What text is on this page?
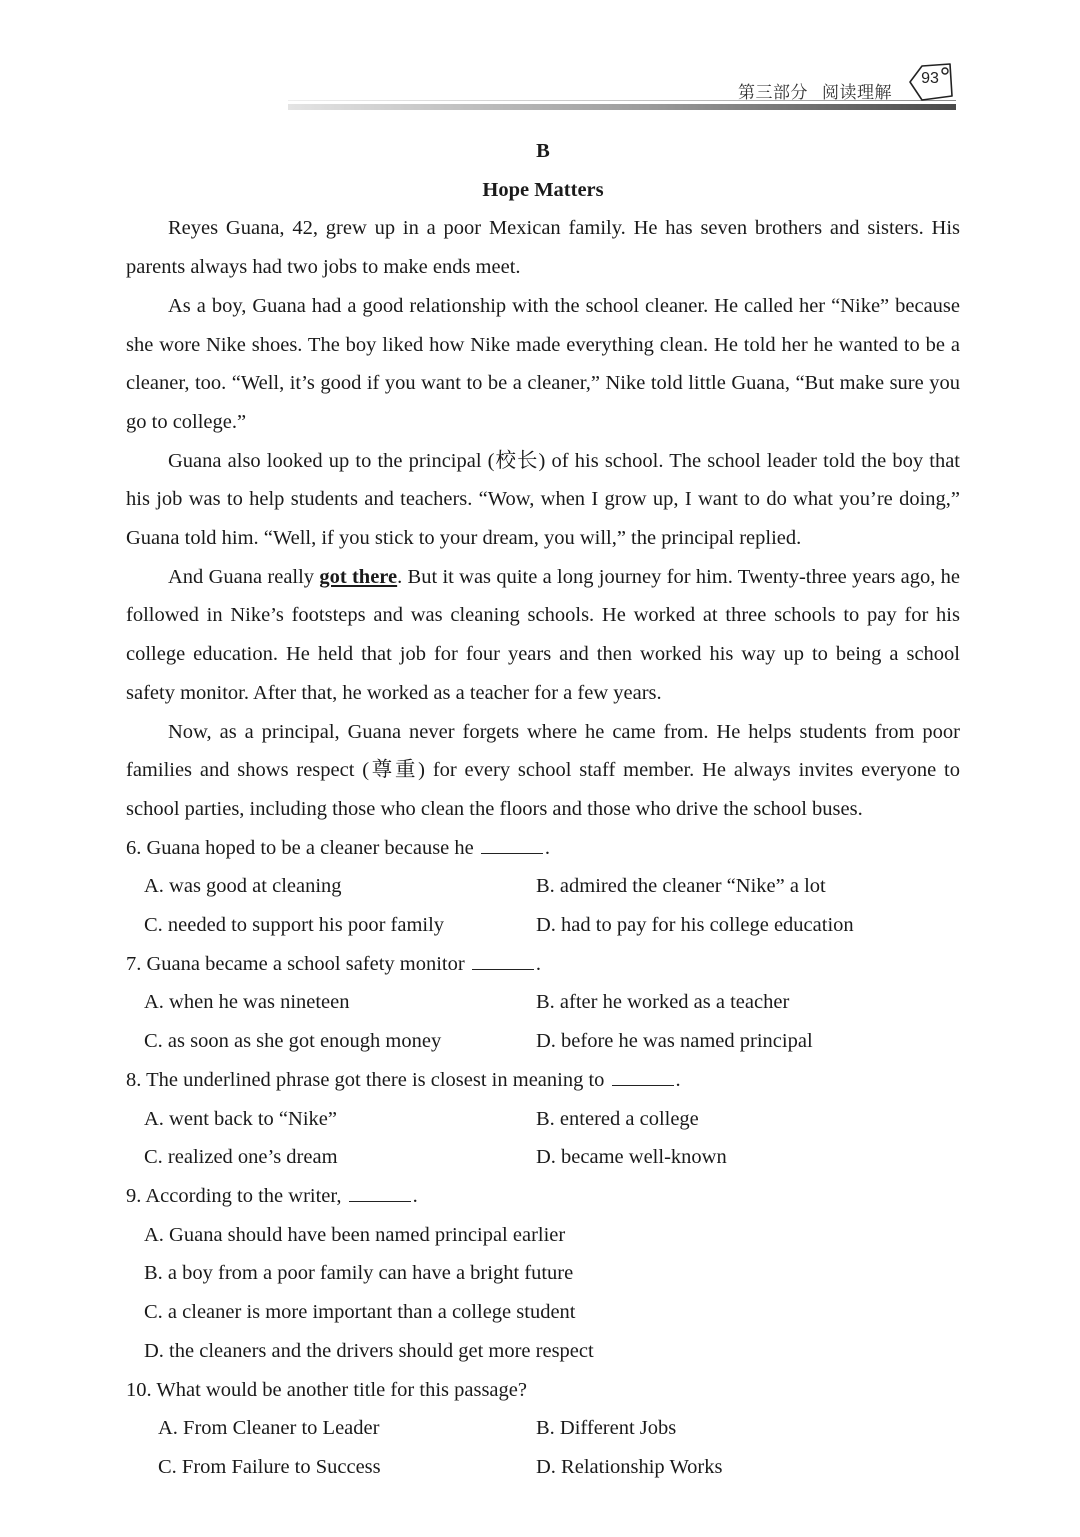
第三部分 阅读理解
93
B
Hope Matters

Reyes Guana, 42, grew up in a poor Mexican family. He has seven brothers and sisters. His parents always had two jobs to make ends meet.

As a boy, Guana had a good relationship with the school cleaner. He called her “Nike” because she wore Nike shoes. The boy liked how Nike made everything clean. He told her he wanted to be a cleaner, too. “Well, it’s good if you want to be a cleaner,” Nike told little Guana, “But make sure you go to college.”

Guana also looked up to the principal (校长) of his school. The school leader told the boy that his job was to help students and teachers. “Wow, when I grow up, I want to do what you’re doing,” Guana told him. “Well, if you stick to your dream, you will,” the principal replied.

And Guana really got there. But it was quite a long journey for him. Twenty-three years ago, he followed in Nike’s footsteps and was cleaning schools. He worked at three schools to pay for his college education. He held that job for four years and then worked his way up to being a school safety monitor. After that, he worked as a teacher for a few years.

Now, as a principal, Guana never forgets where he came from. He helps students from poor families and shows respect (尊重) for every school staff member. He always invites everyone to school parties, including those who clean the floors and those who drive the school buses.

6. Guana hoped to be a cleaner because he	.

A. was good at cleaning	B. admired the cleaner “Nike” a lot
C. needed to support his poor family	D. had to pay for his college education

7. Guana became a school safety monitor	.

A. when he was nineteen	B. after he worked as a teacher
C. as soon as she got enough money	D. before he was named principal

8. The underlined phrase got there is closest in meaning to	.

A. went back to “Nike”	B. entered a college
C. realized one’s dream	D. became well-known

9. According to the writer,	.

A. Guana should have been named principal earlier
B. a boy from a poor family can have a bright future
C. a cleaner is more important than a college student
D. the cleaners and the drivers should get more respect

10. What would be another title for this passage?

A. From Cleaner to Leader	B. Different Jobs
C. From Failure to Success	D. Relationship Works
